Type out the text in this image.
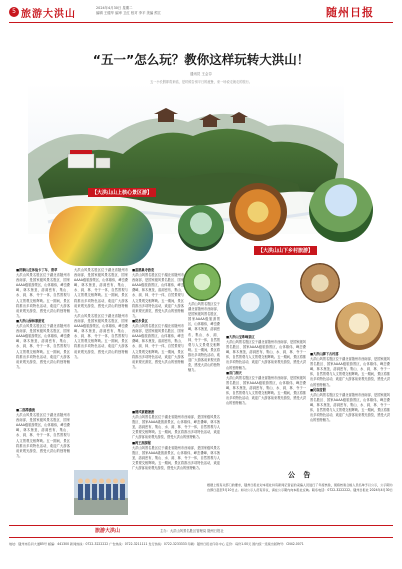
5 旅游大洪山
2024年4月30日 星期二
编辑 王健华 编审 卫红 校对 李平 美编 熊江	随州日报
“五一”怎么玩？教你这样玩转大洪山！
通讯员 王会芬
五一小长假即将来临，是时候告别平日的疲惫，来一场说走就走的旅行。
【大洪山山上核心景区游】
【大洪山山下乡村旅游】

■洪顺山庄体验卡丁车、滑草

大洪山风景名胜区位于湖北省随州市西南部，是国家级风景名胜区、国家AAAA级旅游景区，山体雄伟，峰峦叠嶂，林木葱茏，溶洞密布，集山、水、洞、林、寺于一体，自然景观与人文景观交相辉映。五一期间，景区将推出多项特色活动，欢迎广大游客前来观光游览，感受大洪山的独特魅力。

■大洪山绿林寨游览

大洪山风景名胜区位于湖北省随州市西南部，是国家级风景名胜区、国家AAAA级旅游景区，山体雄伟，峰峦叠嶂，林木葱茏，溶洞密布，集山、水、洞、林、寺于一体，自然景观与人文景观交相辉映。五一期间，景区将推出多项特色活动，欢迎广大游客前来观光游览，感受大洪山的独特魅力。

■二郎潭漂流

大洪山风景名胜区位于湖北省随州市西南部，是国家级风景名胜区、国家AAAA级旅游景区，山体雄伟，峰峦叠嶂，林木葱茏，溶洞密布，集山、水、洞、林、寺于一体，自然景观与人文景观交相辉映。五一期间，景区将推出多项特色活动，欢迎广大游客前来观光游览，感受大洪山的独特魅力。

大洪山风景名胜区位于湖北省随州市西南部，是国家级风景名胜区、国家AAAA级旅游景区，山体雄伟，峰峦叠嶂，林木葱茏，溶洞密布，集山、水、洞、林、寺于一体，自然景观与人文景观交相辉映。五一期间，景区将推出多项特色活动，欢迎广大游客前来观光游览，感受大洪山的独特魅力。

大洪山风景名胜区位于湖北省随州市西南部，是国家级风景名胜区、国家AAAA级旅游景区，山体雄伟，峰峦叠嶂，林木葱茏，溶洞密布，集山、水、洞、林、寺于一体，自然景观与人文景观交相辉映。五一期间，景区将推出多项特色活动，欢迎广大游客前来观光游览，感受大洪山的独特魅力。

■喜鹊巢寺游览

大洪山风景名胜区位于湖北省随州市西南部，是国家级风景名胜区、国家AAAA级旅游景区，山体雄伟，峰峦叠嶂，林木葱茏，溶洞密布，集山、水、洞、林、寺于一体，自然景观与人文景观交相辉映。五一期间，景区将推出多项特色活动，欢迎广大游客前来观光游览，感受大洪山的独特魅力。

■徒步景区

大洪山风景名胜区位于湖北省随州市西南部，是国家级风景名胜区、国家AAAA级旅游景区，山体雄伟，峰峦叠嶂，林木葱茏，溶洞密布，集山、水、洞、林、寺于一体，自然景观与人文景观交相辉映。五一期间，景区将推出多项特色活动，欢迎广大游客前来观光游览，感受大洪山的独特魅力。

大洪山风景名胜区位于湖北省随州市西南部，是国家级风景名胜区、国家AAAA级旅游景区，山体雄伟，峰峦叠嶂，林木葱茏，溶洞密布，集山、水、洞、林、寺于一体，自然景观与人文景观交相辉映。五一期间，景区将推出多项特色活动，欢迎广大游客前来观光游览，感受大洪山的独特魅力。

■清风寨避暑游

大洪山风景名胜区位于湖北省随州市西南部，是国家级风景名胜区、国家AAAA级旅游景区，山体雄伟，峰峦叠嶂，林木葱茏，溶洞密布，集山、水、洞、林、寺于一体，自然景观与人文景观交相辉映。五一期间，景区将推出多项特色活动，欢迎广大游客前来观光游览，感受大洪山的独特魅力。

■两王洞探秘

大洪山风景名胜区位于湖北省随州市西南部，是国家级风景名胜区、国家AAAA级旅游景区，山体雄伟，峰峦叠嶂，林木葱茏，溶洞密布，集山、水、洞、林、寺于一体，自然景观与人文景观交相辉映。五一期间，景区将推出多项特色活动，欢迎广大游客前来观光游览，感受大洪山的独特魅力。

■大洪山宝珠峰景区

大洪山风景名胜区位于湖北省随州市西南部，是国家级风景名胜区、国家AAAA级旅游景区，山体雄伟，峰峦叠嶂，林木葱茏，溶洞密布，集山、水、洞、林、寺于一体，自然景观与人文景观交相辉映。五一期间，景区将推出多项特色活动，欢迎广大游客前来观光游览，感受大洪山的独特魅力。

■双门洞天

大洪山风景名胜区位于湖北省随州市西南部，是国家级风景名胜区、国家AAAA级旅游景区，山体雄伟，峰峦叠嶂，林木葱茏，溶洞密布，集山、水、洞、林、寺于一体，自然景观与人文景观交相辉映。五一期间，景区将推出多项特色活动，欢迎广大游客前来观光游览，感受大洪山的独特魅力。

■大洪山脚下古村落

大洪山风景名胜区位于湖北省随州市西南部，是国家级风景名胜区、国家AAAA级旅游景区，山体雄伟，峰峦叠嶂，林木葱茏，溶洞密布，集山、水、洞、林、寺于一体，自然景观与人文景观交相辉映。五一期间，景区将推出多项特色活动，欢迎广大游客前来观光游览，感受大洪山的独特魅力。

■民宿度假

大洪山风景名胜区位于湖北省随州市西南部，是国家级风景名胜区、国家AAAA级旅游景区，山体雄伟，峰峦叠嶂，林木葱茏，溶洞密布，集山、水、洞、林、寺于一体，自然景观与人文景观交相辉映。五一期间，景区将推出多项特色活动，欢迎广大游客前来观光游览，感受大洪山的独特魅力。

公 告
根据上级有关部门的要求，随州日报社对本报社持有新闻记者证的采编人员进行了年度核验，现将核验合格人员名单予以公示，公示期为自即日起至5月10日止。如对公示人员有异议，请在公示期内向本报社反映。联系电话：0722-3222222。随州日报社 2024年4月30日
旅游大洪山	主办：大洪山风景名胜区管理局 随州日报社
地址：随州市沿河大道85号 邮编：441300 新闻热线：0722-3222222 广告热线：0722-3211111 发行热线：0722-3233333 印刷：随州日报社印务中心 定价：每份1.00元 国内统一连续出版物号：CN42-0071
